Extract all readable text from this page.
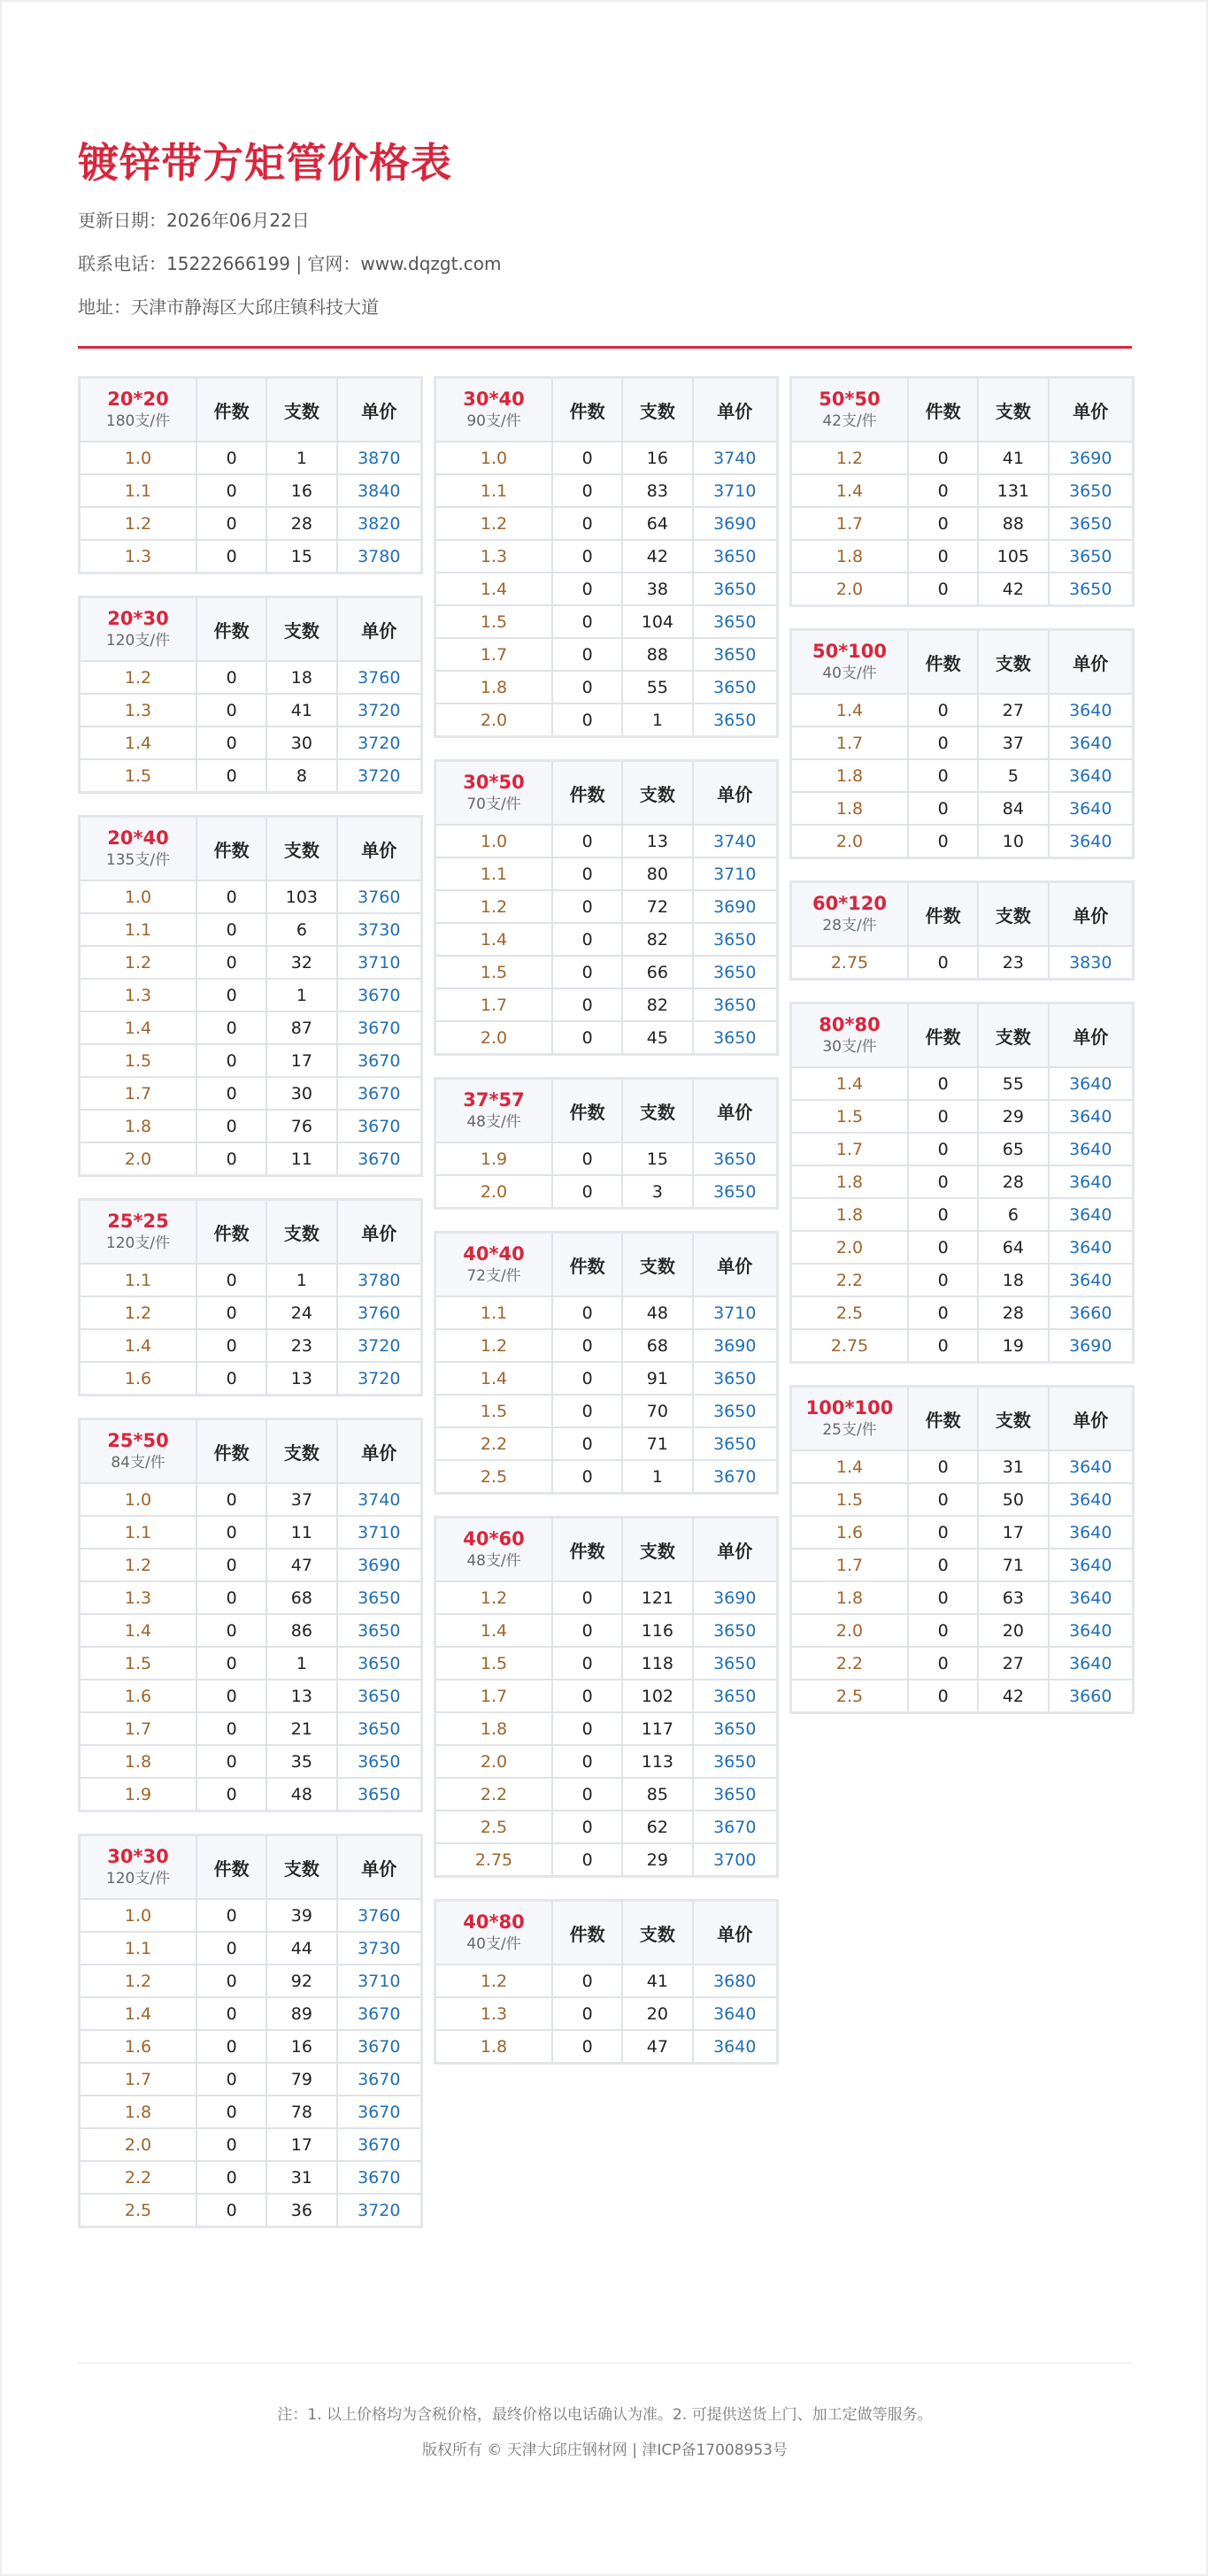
镀锌带方矩管价格表
更新日期：2026年06月22日
联系电话：15222666199 | 官网：www.dqzgt.com
地址：天津市静海区大邱庄镇科技大道
20*20
180支/件	件数	支数	单价
1.0	0	1	3870
1.1	0	16	3840
1.2	0	28	3820
1.3	0	15	3780
20*30
120支/件	件数	支数	单价
1.2	0	18	3760
1.3	0	41	3720
1.4	0	30	3720
1.5	0	8	3720
20*40
135支/件	件数	支数	单价
1.0	0	103	3760
1.1	0	6	3730
1.2	0	32	3710
1.3	0	1	3670
1.4	0	87	3670
1.5	0	17	3670
1.7	0	30	3670
1.8	0	76	3670
2.0	0	11	3670
25*25
120支/件	件数	支数	单价
1.1	0	1	3780
1.2	0	24	3760
1.4	0	23	3720
1.6	0	13	3720
25*50
84支/件	件数	支数	单价
1.0	0	37	3740
1.1	0	11	3710
1.2	0	47	3690
1.3	0	68	3650
1.4	0	86	3650
1.5	0	1	3650
1.6	0	13	3650
1.7	0	21	3650
1.8	0	35	3650
1.9	0	48	3650
30*30
120支/件	件数	支数	单价
1.0	0	39	3760
1.1	0	44	3730
1.2	0	92	3710
1.4	0	89	3670
1.6	0	16	3670
1.7	0	79	3670
1.8	0	78	3670
2.0	0	17	3670
2.2	0	31	3670
2.5	0	36	3720
30*40
90支/件	件数	支数	单价
1.0	0	16	3740
1.1	0	83	3710
1.2	0	64	3690
1.3	0	42	3650
1.4	0	38	3650
1.5	0	104	3650
1.7	0	88	3650
1.8	0	55	3650
2.0	0	1	3650
30*50
70支/件	件数	支数	单价
1.0	0	13	3740
1.1	0	80	3710
1.2	0	72	3690
1.4	0	82	3650
1.5	0	66	3650
1.7	0	82	3650
2.0	0	45	3650
37*57
48支/件	件数	支数	单价
1.9	0	15	3650
2.0	0	3	3650
40*40
72支/件	件数	支数	单价
1.1	0	48	3710
1.2	0	68	3690
1.4	0	91	3650
1.5	0	70	3650
2.2	0	71	3650
2.5	0	1	3670
40*60
48支/件	件数	支数	单价
1.2	0	121	3690
1.4	0	116	3650
1.5	0	118	3650
1.7	0	102	3650
1.8	0	117	3650
2.0	0	113	3650
2.2	0	85	3650
2.5	0	62	3670
2.75	0	29	3700
40*80
40支/件	件数	支数	单价
1.2	0	41	3680
1.3	0	20	3640
1.8	0	47	3640
50*50
42支/件	件数	支数	单价
1.2	0	41	3690
1.4	0	131	3650
1.7	0	88	3650
1.8	0	105	3650
2.0	0	42	3650
50*100
40支/件	件数	支数	单价
1.4	0	27	3640
1.7	0	37	3640
1.8	0	5	3640
1.8	0	84	3640
2.0	0	10	3640
60*120
28支/件	件数	支数	单价
2.75	0	23	3830
80*80
30支/件	件数	支数	单价
1.4	0	55	3640
1.5	0	29	3640
1.7	0	65	3640
1.8	0	28	3640
1.8	0	6	3640
2.0	0	64	3640
2.2	0	18	3640
2.5	0	28	3660
2.75	0	19	3690
100*100
25支/件	件数	支数	单价
1.4	0	31	3640
1.5	0	50	3640
1.6	0	17	3640
1.7	0	71	3640
1.8	0	63	3640
2.0	0	20	3640
2.2	0	27	3640
2.5	0	42	3660
注：1. 以上价格均为含税价格，最终价格以电话确认为准。2. 可提供送货上门、加工定做等服务。
版权所有 © 天津大邱庄钢材网 | 津ICP备17008953号
